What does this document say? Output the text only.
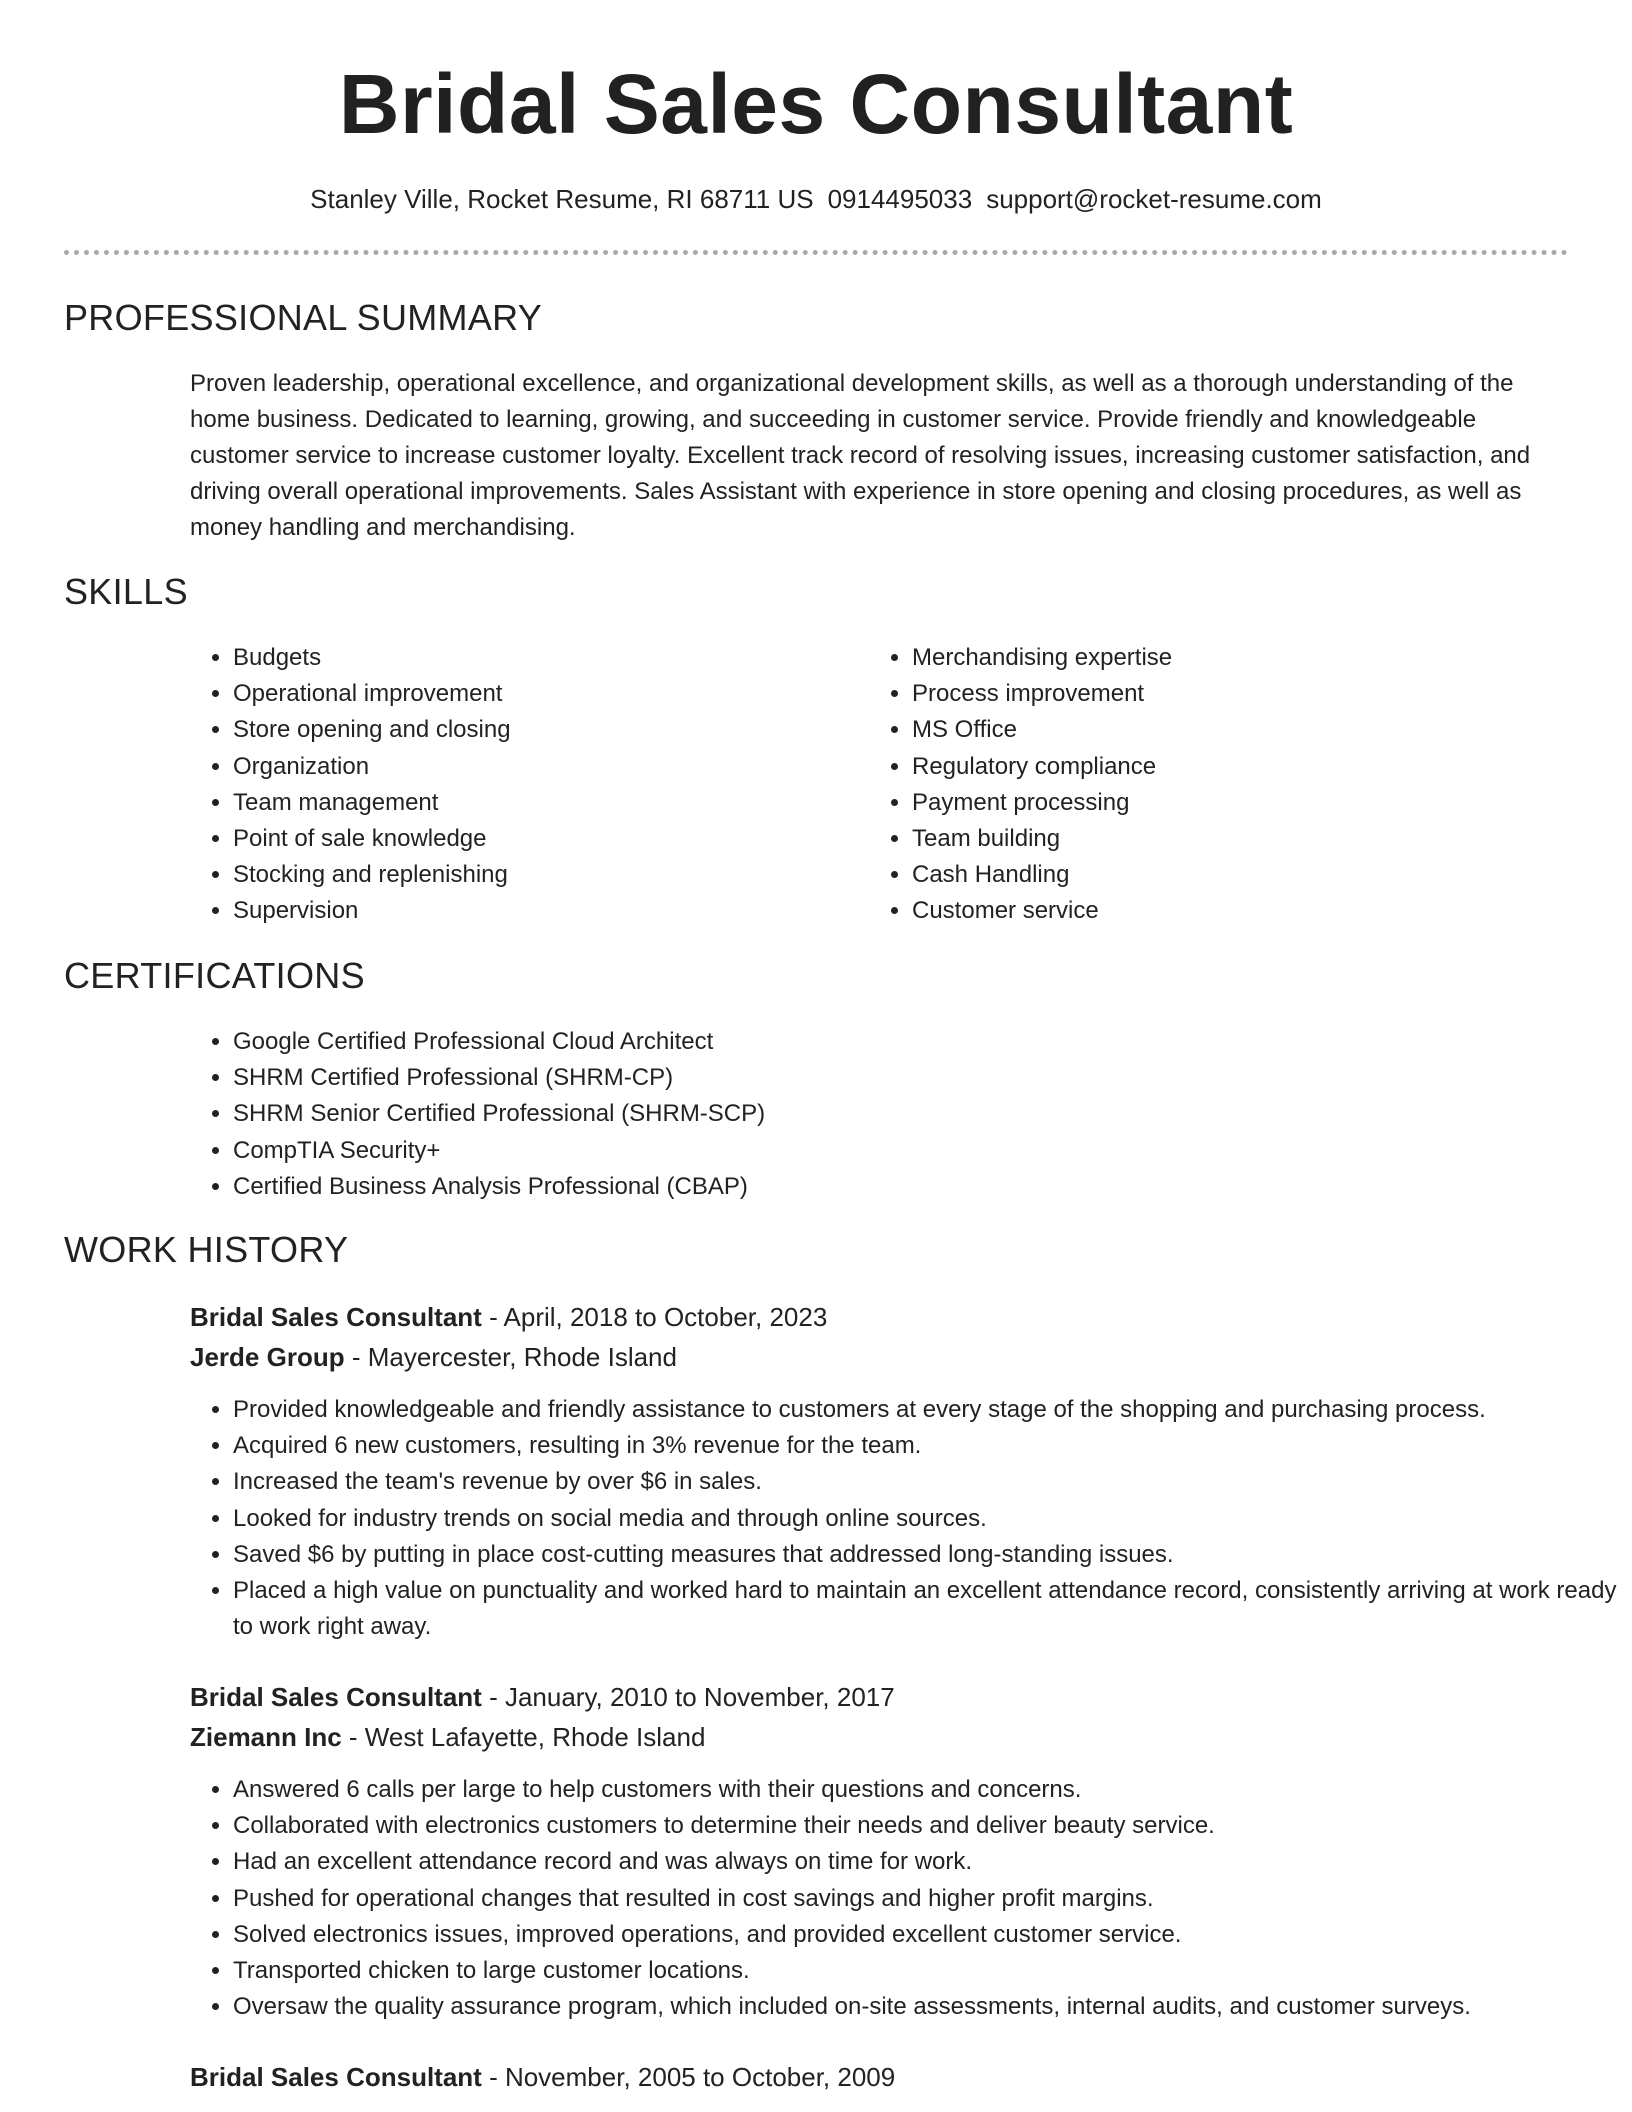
Bridal Sales Consultant
Stanley Ville, Rocket Resume, RI 68711 US 0914495033 support@rocket-resume.com
PROFESSIONAL SUMMARY
Proven leadership, operational excellence, and organizational development skills, as well as a thorough understanding of the home business. Dedicated to learning, growing, and succeeding in customer service. Provide friendly and knowledgeable customer service to increase customer loyalty. Excellent track record of resolving issues, increasing customer satisfaction, and driving overall operational improvements. Sales Assistant with experience in store opening and closing procedures, as well as money handling and merchandising.
SKILLS
• Budgets
• Operational improvement
• Store opening and closing
• Organization
• Team management
• Point of sale knowledge
• Stocking and replenishing
• Supervision
• Merchandising expertise
• Process improvement
• MS Office
• Regulatory compliance
• Payment processing
• Team building
• Cash Handling
• Customer service
CERTIFICATIONS
• Google Certified Professional Cloud Architect
• SHRM Certified Professional (SHRM-CP)
• SHRM Senior Certified Professional (SHRM-SCP)
• CompTIA Security+
• Certified Business Analysis Professional (CBAP)
WORK HISTORY
Bridal Sales Consultant - April, 2018 to October, 2023
Jerde Group - Mayercester, Rhode Island
• Provided knowledgeable and friendly assistance to customers at every stage of the shopping and purchasing process.
• Acquired 6 new customers, resulting in 3% revenue for the team.
• Increased the team's revenue by over $6 in sales.
• Looked for industry trends on social media and through online sources.
• Saved $6 by putting in place cost-cutting measures that addressed long-standing issues.
• Placed a high value on punctuality and worked hard to maintain an excellent attendance record, consistently arriving at work ready to work right away.
Bridal Sales Consultant - January, 2010 to November, 2017
Ziemann Inc - West Lafayette, Rhode Island
• Answered 6 calls per large to help customers with their questions and concerns.
• Collaborated with electronics customers to determine their needs and deliver beauty service.
• Had an excellent attendance record and was always on time for work.
• Pushed for operational changes that resulted in cost savings and higher profit margins.
• Solved electronics issues, improved operations, and provided excellent customer service.
• Transported chicken to large customer locations.
• Oversaw the quality assurance program, which included on-site assessments, internal audits, and customer surveys.
Bridal Sales Consultant - November, 2005 to October, 2009
